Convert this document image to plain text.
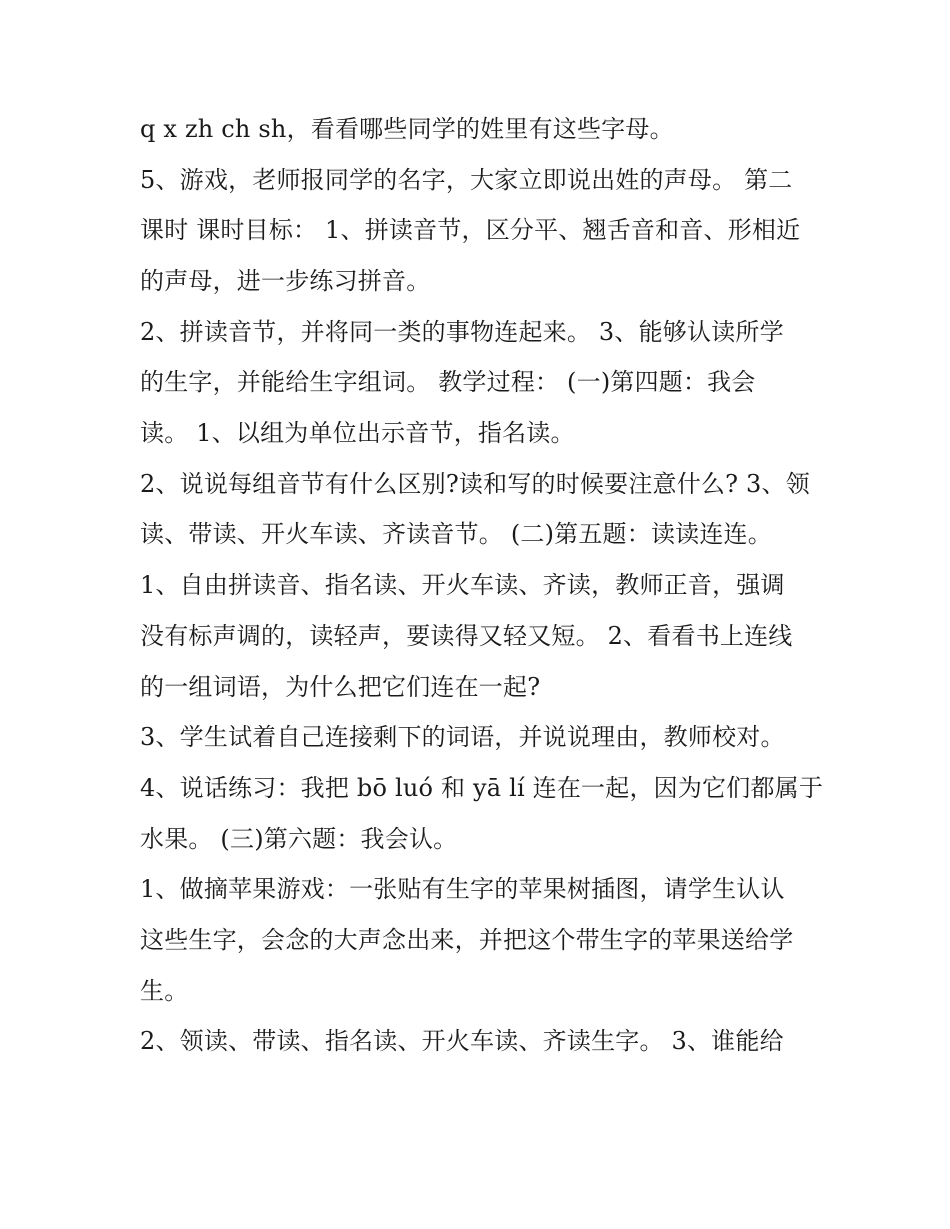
q x zh ch sh，看看哪些同学的姓里有这些字母。
5、游戏，老师报同学的名字，大家立即说出姓的声母。 第二
课时 课时目标： 1、拼读音节，区分平、翘舌音和音、形相近
的声母，进一步练习拼音。
2、拼读音节，并将同一类的事物连起来。 3、能够认读所学
的生字，并能给生字组词。 教学过程： (一)第四题：我会
读。 1、以组为单位出示音节，指名读。
2、说说每组音节有什么区别?读和写的时候要注意什么? 3、领
读、带读、开火车读、齐读音节。 (二)第五题：读读连连。
1、自由拼读音、指名读、开火车读、齐读，教师正音，强调
没有标声调的，读轻声，要读得又轻又短。 2、看看书上连线
的一组词语，为什么把它们连在一起?
3、学生试着自己连接剩下的词语，并说说理由，教师校对。
4、说话练习：我把 bō luó 和 yā lí 连在一起，因为它们都属于
水果。 (三)第六题：我会认。
1、做摘苹果游戏：一张贴有生字的苹果树插图，请学生认认
这些生字，会念的大声念出来，并把这个带生字的苹果送给学
生。
2、领读、带读、指名读、开火车读、齐读生字。 3、谁能给
